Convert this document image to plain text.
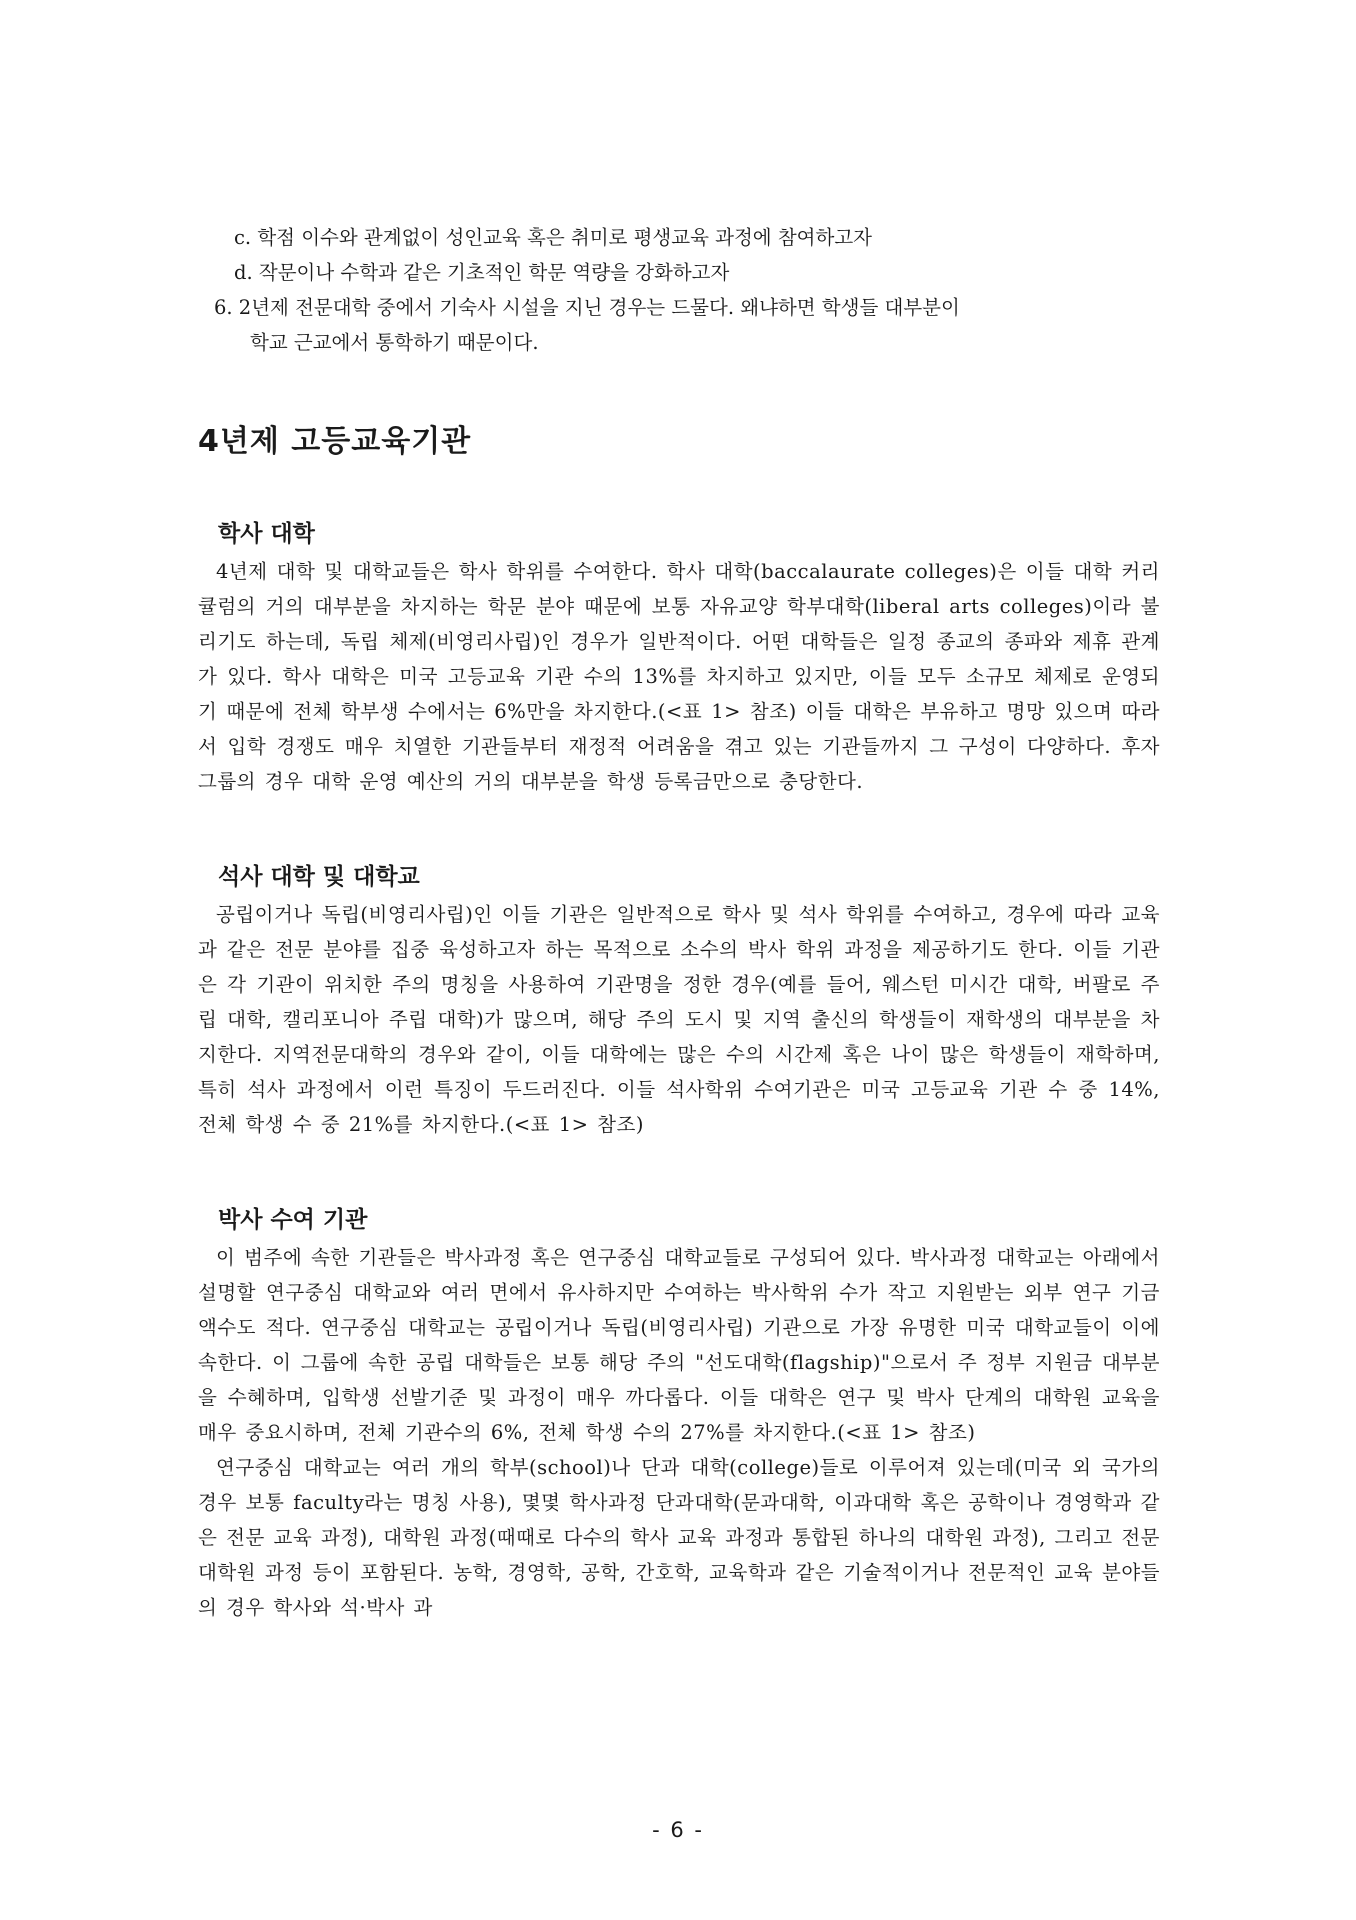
c. 학점 이수와 관계없이 성인교육 혹은 취미로 평생교육 과정에 참여하고자
d. 작문이나 수학과 같은 기초적인 학문 역량을 강화하고자
6. 2년제 전문대학 중에서 기숙사 시설을 지닌 경우는 드물다. 왜냐하면 학생들 대부분이
학교 근교에서 통학하기 때문이다.
4년제 고등교육기관
학사 대학

4년제 대학 및 대학교들은 학사 학위를 수여한다. 학사 대학(baccalaurate colleges)은 이들 대학 커리큘럼의 거의 대부분을 차지하는 학문 분야 때문에 보통 자유교양 학부대학(liberal arts colleges)이라 불리기도 하는데, 독립 체제(비영리사립)인 경우가 일반적이다. 어떤 대학들은 일정 종교의 종파와 제휴 관계가 있다. 학사 대학은 미국 고등교육 기관 수의 13%를 차지하고 있지만, 이들 모두 소규모 체제로 운영되기 때문에 전체 학부생 수에서는 6%만을 차지한다.(<표 1> 참조) 이들 대학은 부유하고 명망 있으며 따라서 입학 경쟁도 매우 치열한 기관들부터 재정적 어려움을 겪고 있는 기관들까지 그 구성이 다양하다. 후자 그룹의 경우 대학 운영 예산의 거의 대부분을 학생 등록금만으로 충당한다.

석사 대학 및 대학교

공립이거나 독립(비영리사립)인 이들 기관은 일반적으로 학사 및 석사 학위를 수여하고, 경우에 따라 교육과 같은 전문 분야를 집중 육성하고자 하는 목적으로 소수의 박사 학위 과정을 제공하기도 한다. 이들 기관은 각 기관이 위치한 주의 명칭을 사용하여 기관명을 정한 경우(예를 들어, 웨스턴 미시간 대학, 버팔로 주립 대학, 캘리포니아 주립 대학)가 많으며, 해당 주의 도시 및 지역 출신의 학생들이 재학생의 대부분을 차지한다. 지역전문대학의 경우와 같이, 이들 대학에는 많은 수의 시간제 혹은 나이 많은 학생들이 재학하며, 특히 석사 과정에서 이런 특징이 두드러진다. 이들 석사학위 수여기관은 미국 고등교육 기관 수 중 14%, 전체 학생 수 중 21%를 차지한다.(<표 1> 참조)

박사 수여 기관

이 범주에 속한 기관들은 박사과정 혹은 연구중심 대학교들로 구성되어 있다. 박사과정 대학교는 아래에서 설명할 연구중심 대학교와 여러 면에서 유사하지만 수여하는 박사학위 수가 작고 지원받는 외부 연구 기금 액수도 적다. 연구중심 대학교는 공립이거나 독립(비영리사립) 기관으로 가장 유명한 미국 대학교들이 이에 속한다. 이 그룹에 속한 공립 대학들은 보통 해당 주의 "선도대학(flagship)"으로서 주 정부 지원금 대부분을 수혜하며, 입학생 선발기준 및 과정이 매우 까다롭다. 이들 대학은 연구 및 박사 단계의 대학원 교육을 매우 중요시하며, 전체 기관수의 6%, 전체 학생 수의 27%를 차지한다.(<표 1> 참조)

연구중심 대학교는 여러 개의 학부(school)나 단과 대학(college)들로 이루어져 있는데(미국 외 국가의 경우 보통 faculty라는 명칭 사용), 몇몇 학사과정 단과대학(문과대학, 이과대학 혹은 공학이나 경영학과 같은 전문 교육 과정), 대학원 과정(때때로 다수의 학사 교육 과정과 통합된 하나의 대학원 과정), 그리고 전문대학원 과정 등이 포함된다. 농학, 경영학, 공학, 간호학, 교육학과 같은 기술적이거나 전문적인 교육 분야들의 경우 학사와 석·박사 과

- 6 -
